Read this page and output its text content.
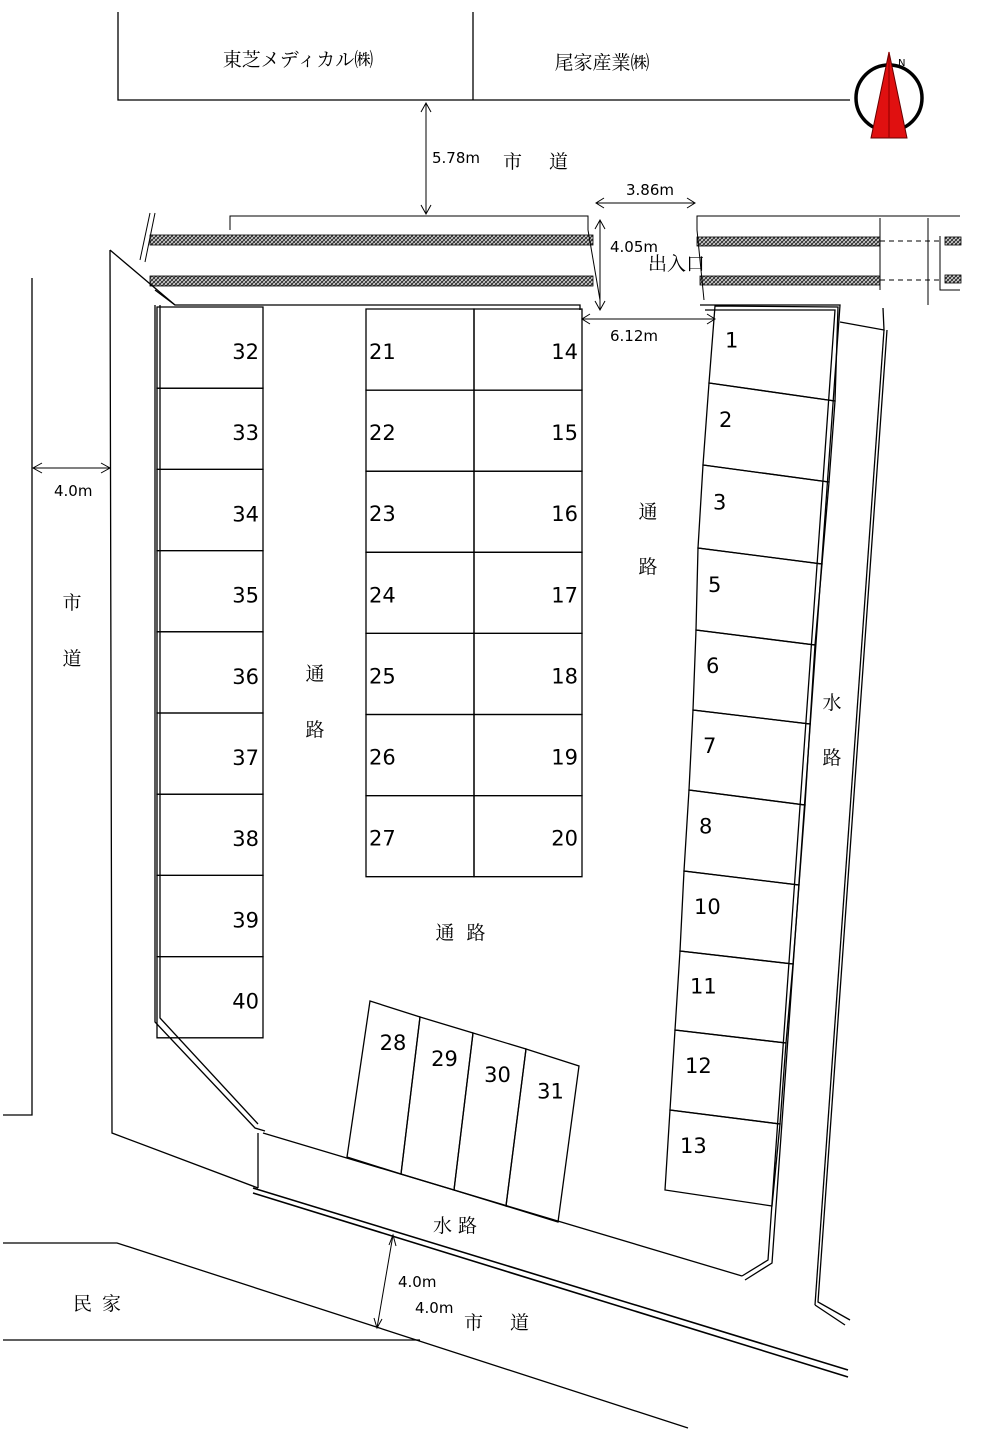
東芝メディカル㈱	尾家産業㈱	N
5.78m 市　道
3.86m
4.05m
出入口
6.12m
4.0m
市
道
水
路
水 路
4.0m
4.0m
市　道
民 家
通
路
通
路
通 路
32
33
34
35
36
37
38
39
40
21
22
23
24
25
26
27
14
15
16
17
18
19
20
1
2
3
5
6
7
8
10
11
12
13
28
29
30
31
